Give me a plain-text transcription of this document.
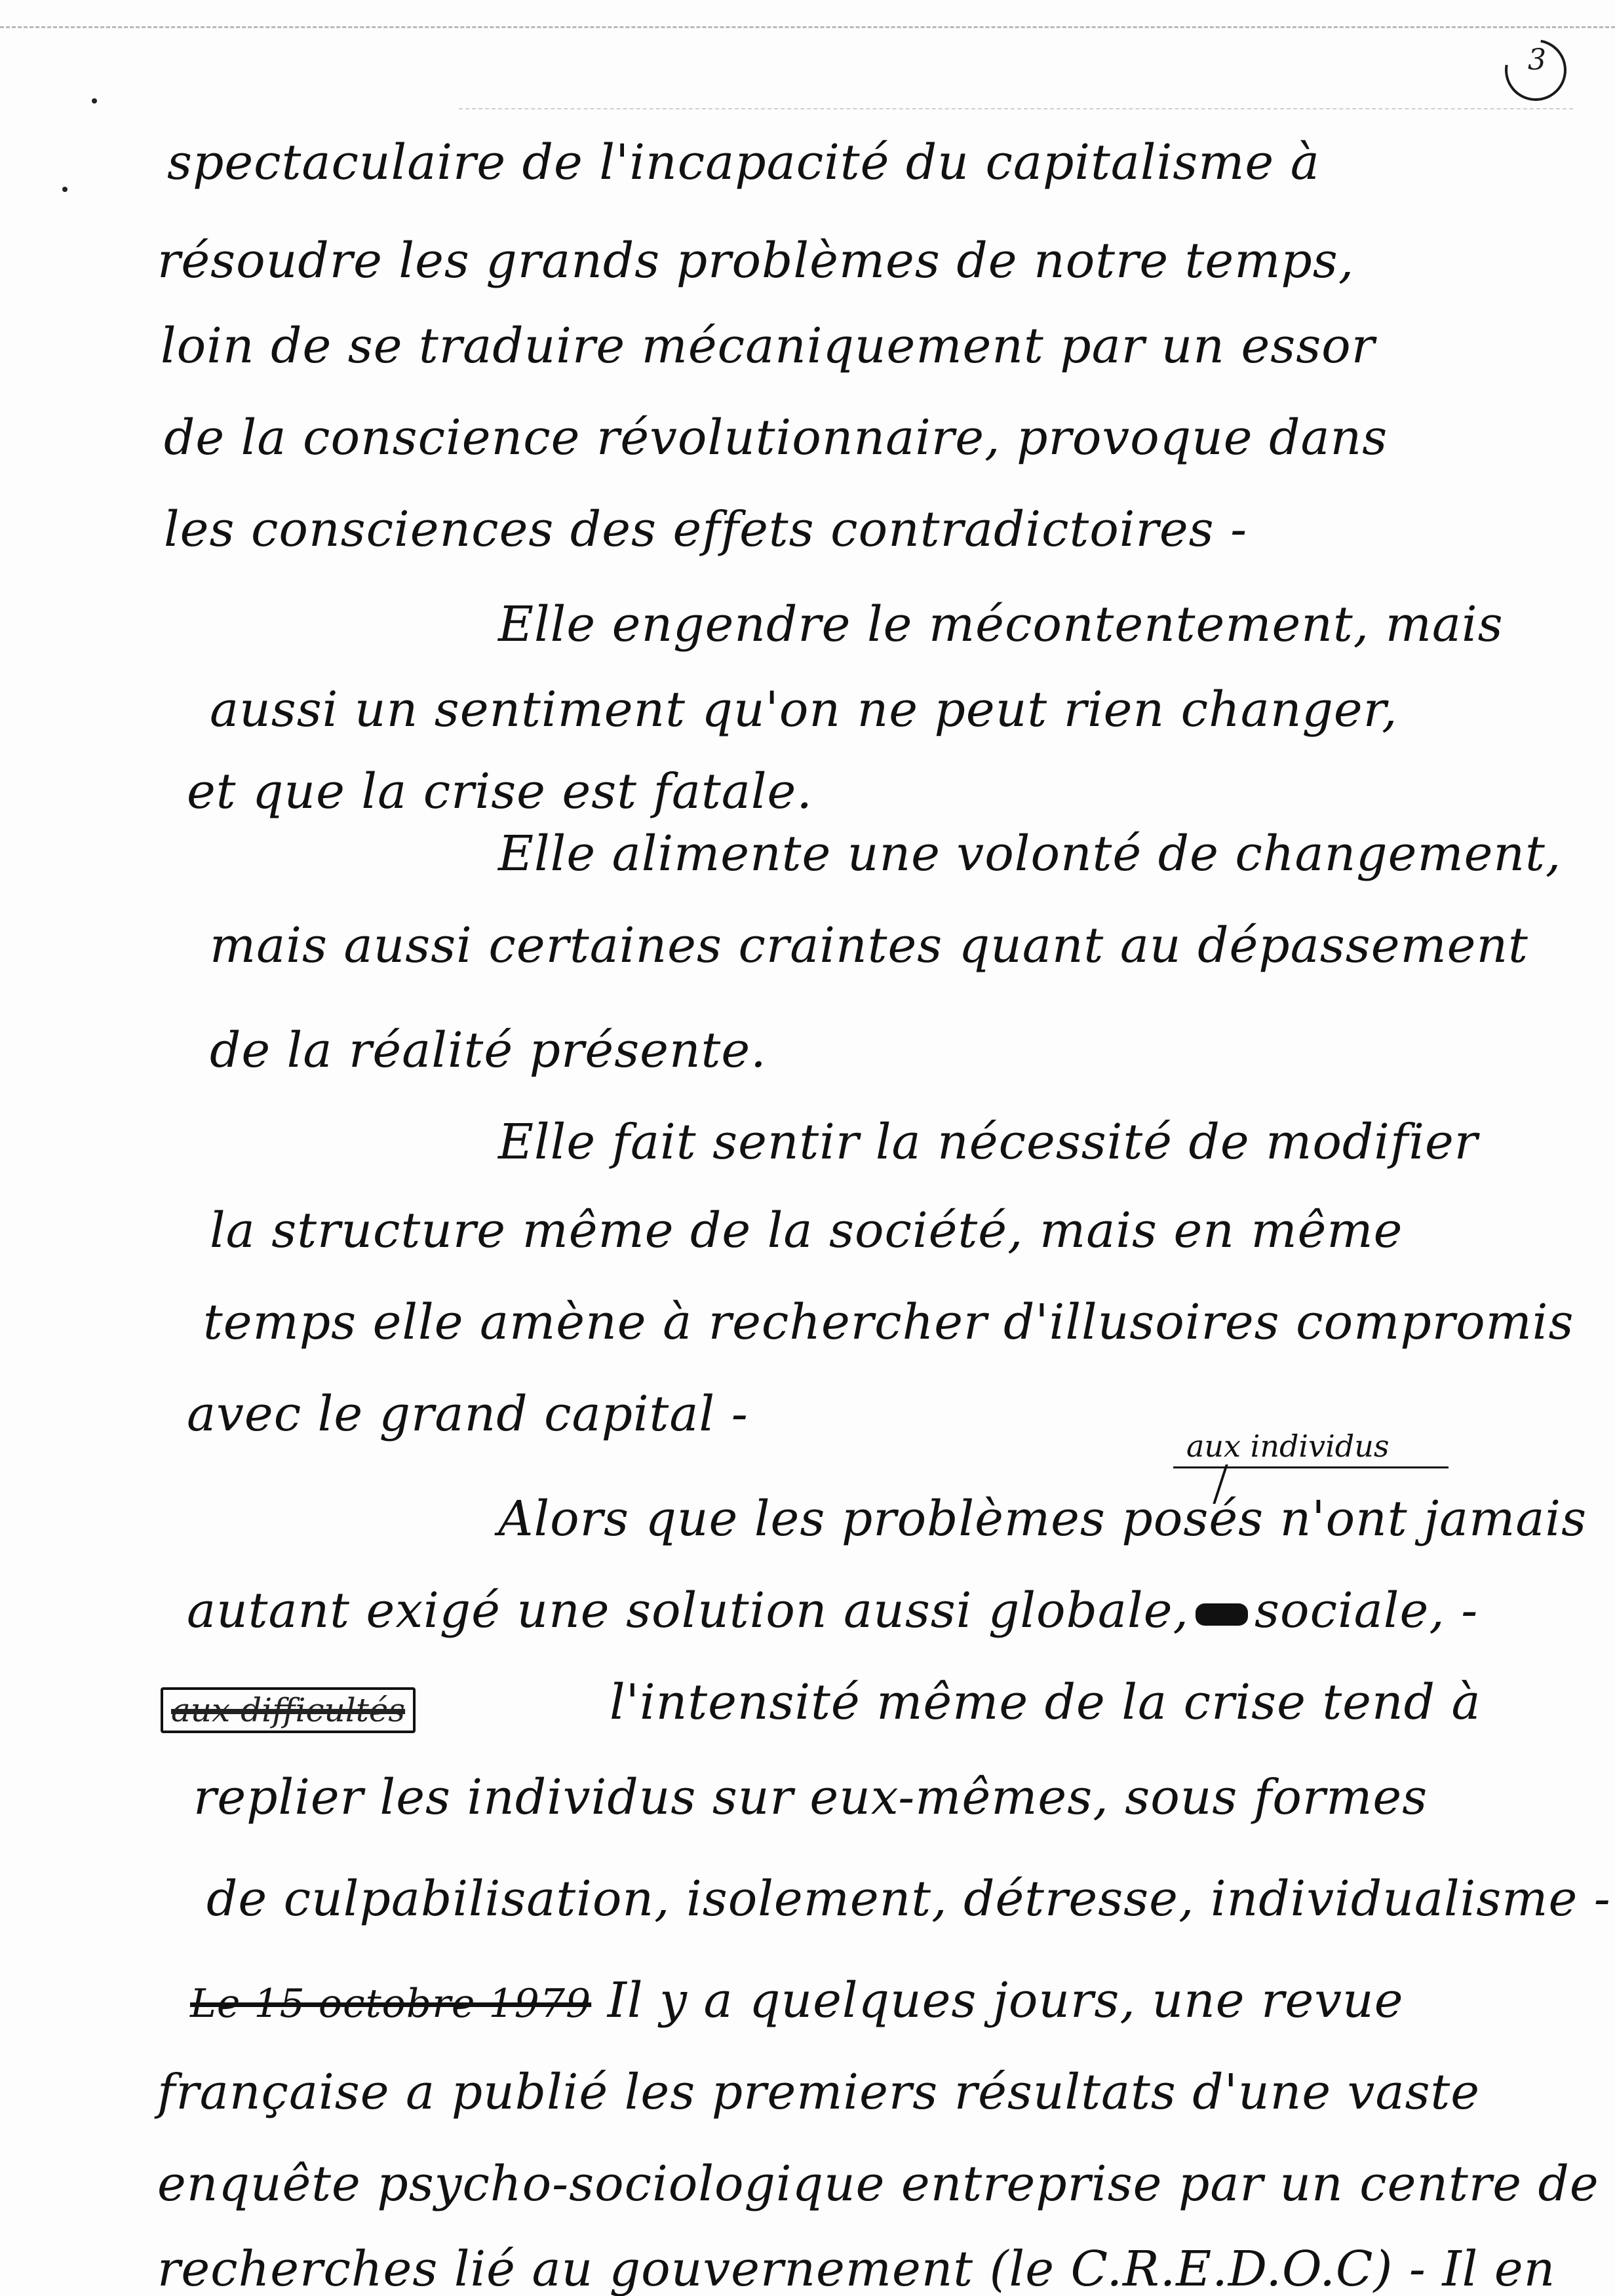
3
spectaculaire de l'incapacité du capitalisme à
résoudre les grands problèmes de notre temps,
loin de se traduire mécaniquement par un essor
de la conscience révolutionnaire, provoque dans
les consciences des effets contradictoires -
Elle engendre le mécontentement, mais
aussi un sentiment qu'on ne peut rien changer,
et que la crise est fatale.
Elle alimente une volonté de changement,
mais aussi certaines craintes quant au dépassement
de la réalité présente.
Elle fait sentir la nécessité de modifier
la structure même de la société, mais en même
temps elle amène à rechercher d'illusoires compromis
avec le grand capital -
aux individus
Alors que les problèmes posés n'ont jamais
autant exigé une solution aussi globale, sociale, -
aux difficultés	l'intensité même de la crise tend à
replier les individus sur eux-mêmes, sous formes
de culpabilisation, isolement, détresse, individualisme -
Le 15 octobre 1979 Il y a quelques jours, une revue
française a publié les premiers résultats d'une vaste
enquête psycho-sociologique entreprise par un centre de
recherches lié au gouvernement (le C.R.E.D.O.C) - Il en
